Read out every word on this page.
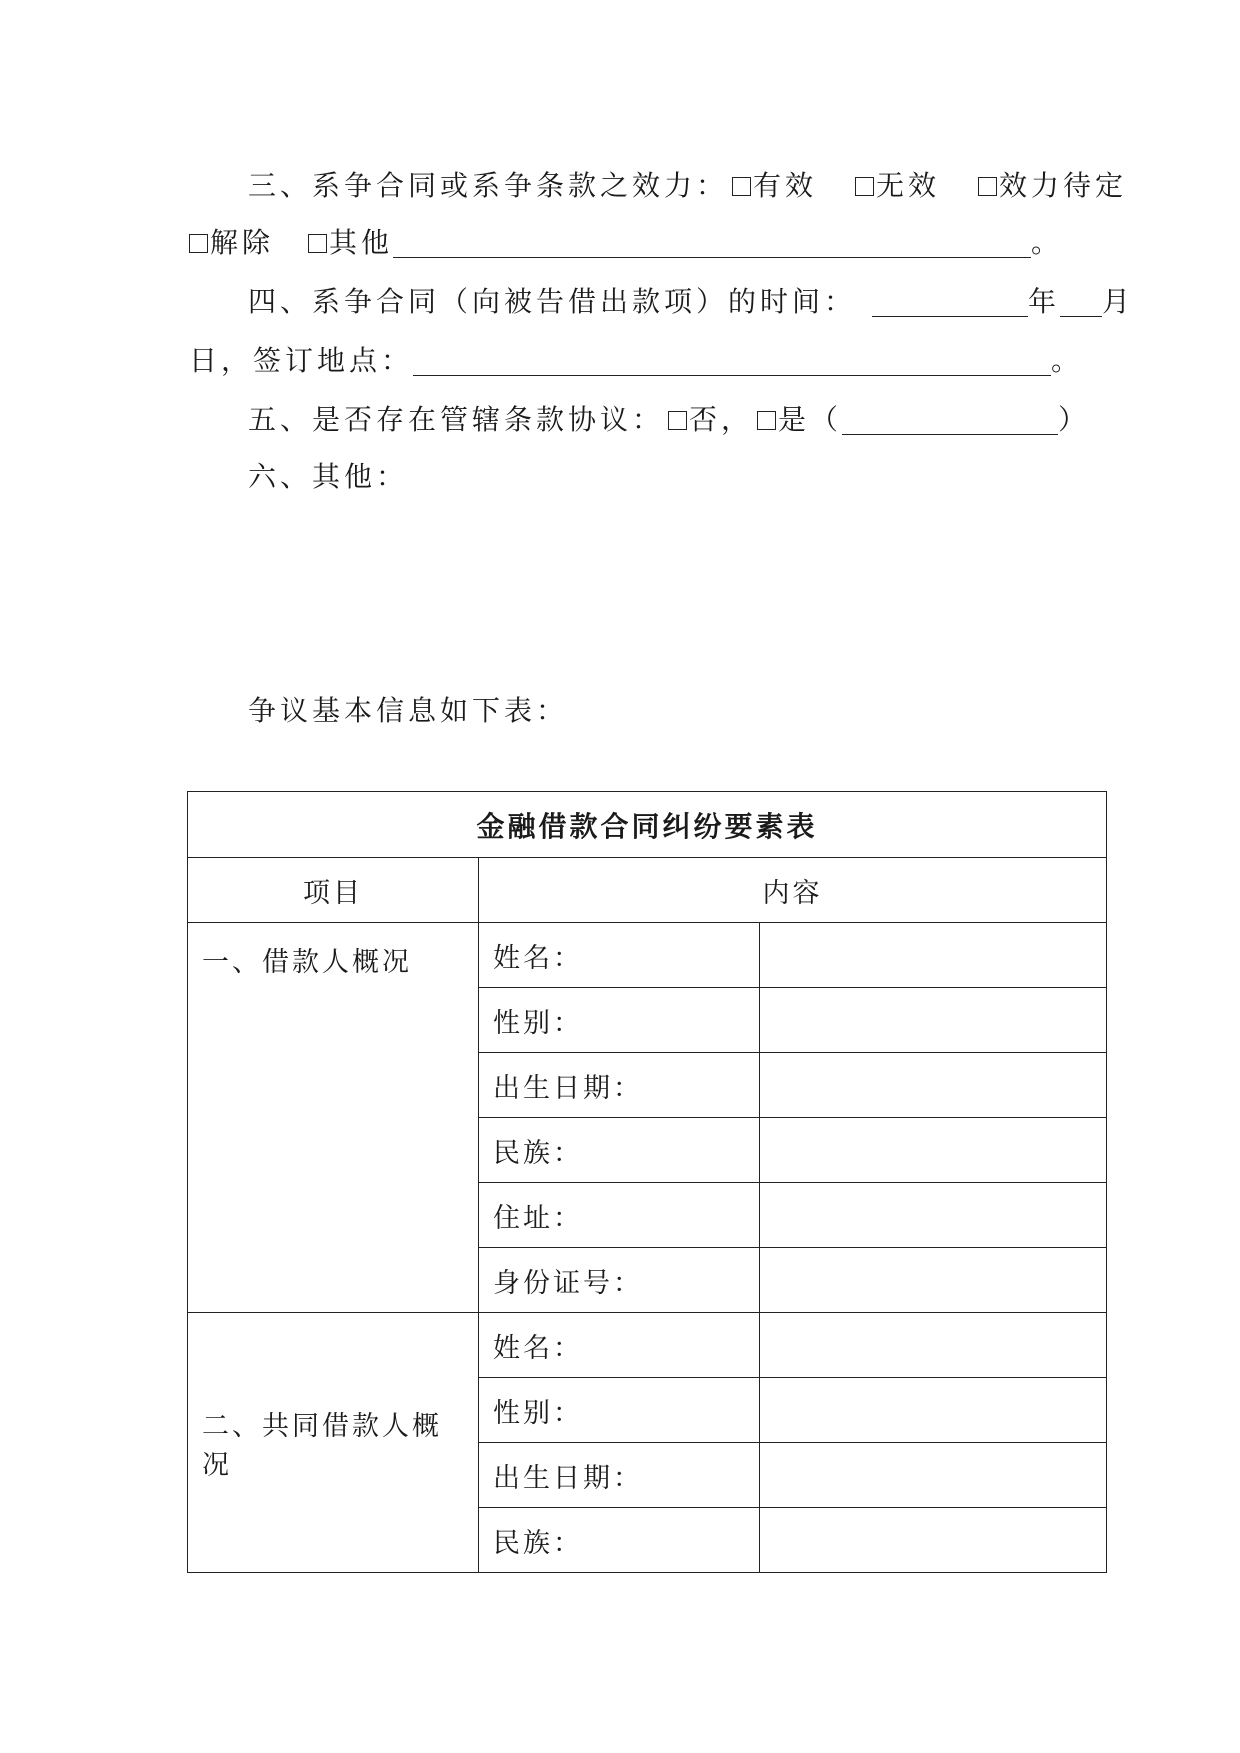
三、系争合同或系争条款之效力： 有效 无效 效力待定
解除 其他	。
四、系争合同（向被告借出款项）的时间：	年 月
日， 签订地点：	。
五、是否存在管辖条款协议： 否， 是（	）
六、其他：
争议基本信息如下表：
金融借款合同纠纷要素表		
项目	内容	
一、借款人概况	姓名：	
	性别：	
	出生日期：	
	民族：	
	住址：	
	身份证号：	
二、共同借款人概况	姓名：	
	性别：	
	出生日期：	
	民族：	
